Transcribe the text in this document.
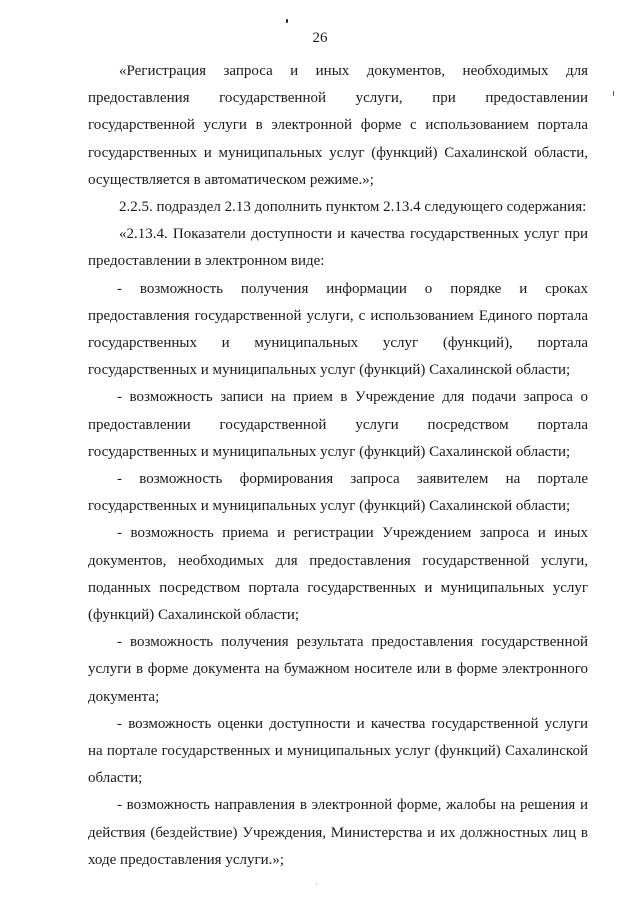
26

«Регистрация запроса и иных документов, необходимых для предоставления государственной услуги, при предоставлении государственной услуги в электронной форме с использованием портала государственных и муниципальных услуг (функций) Сахалинской области, осуществляется в автоматическом режиме.»;

2.2.5. подраздел 2.13 дополнить пунктом 2.13.4 следующего содержания:

«2.13.4. Показатели доступности и качества государственных услуг при предоставлении в электронном виде:

- возможность получения информации о порядке и сроках предоставления государственной услуги, с использованием Единого портала государственных и муниципальных услуг (функций), портала государственных и муниципальных услуг (функций) Сахалинской области;

- возможность записи на прием в Учреждение для подачи запроса о предоставлении государственной услуги посредством портала государственных и муниципальных услуг (функций) Сахалинской области;

- возможность формирования запроса заявителем на портале государственных и муниципальных услуг (функций) Сахалинской области;

- возможность приема и регистрации Учреждением запроса и иных документов, необходимых для предоставления государственной услуги, поданных посредством портала государственных и муниципальных услуг (функций) Сахалинской области;

- возможность получения результата предоставления государственной услуги в форме документа на бумажном носителе или в форме электронного документа;

- возможность оценки доступности и качества государственной услуги на портале государственных и муниципальных услуг (функций) Сахалинской области;

- возможность направления в электронной форме, жалобы на решения и действия (бездействие) Учреждения, Министерства и их должностных лиц в ходе предоставления услуги.»;
